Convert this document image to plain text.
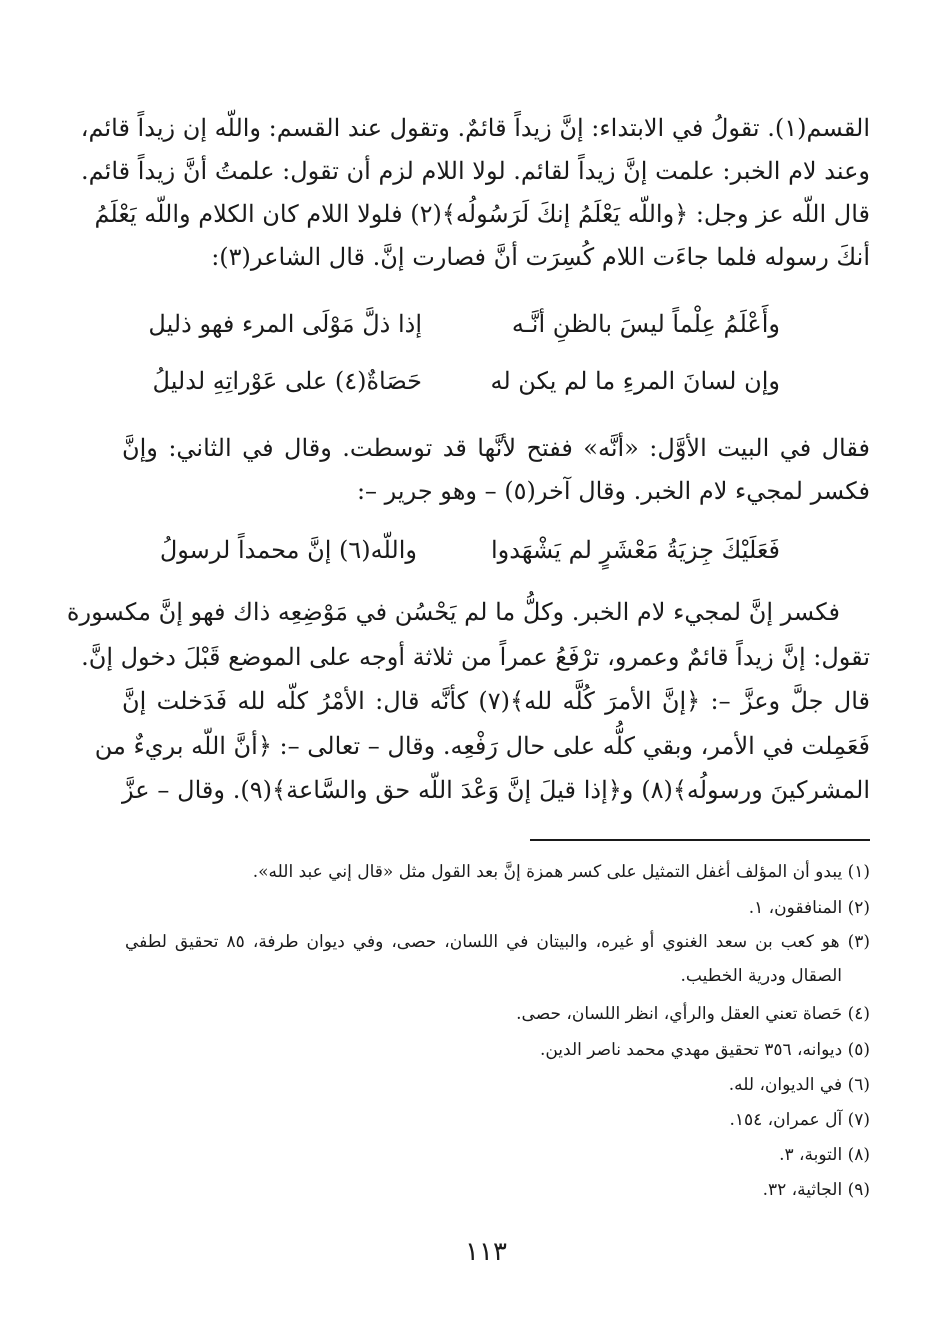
القسم(١). تقولُ في الابتداء: إنَّ زيداً قائمٌ. وتقول عند القسم: واللّه إن زيداً قائم،
وعند لام الخبر: علمت إنَّ زيداً لقائم. لولا اللام لزم أن تقول: علمتُ أنَّ زيداً قائم.
قال اللّه عز وجل: ﴿واللّه يَعْلَمُ إنكَ لَرَسُولُه﴾(٢) فلولا اللام كان الكلام واللّه يَعْلَمُ
أنكَ رسوله فلما جاءَت اللام كُسِرَت أنَّ فصارت إنَّ. قال الشاعر(٣):
وأَعْلَمُ عِلْماً ليسَ بالظنِ أنَّـه
إذا ذلَّ مَوْلَى المرء فهو ذليل
وإن لسانَ المرءِ ما لم يكن له
حَصَاةٌ(٤) على عَوْراتِهِ لدليلُ
فقال في البيت الأوَّل: «أنَّه» ففتح لأنَّها قد توسطت. وقال في الثاني: وإنَّ
فكسر لمجيء لام الخبر. وقال آخر(٥) – وهو جرير –:
فَعَلَيْكَ جِزيَةُ مَعْشَرٍ لم يَشْهَدوا
واللّه(٦) إنَّ محمداً لرسولُ
فكسر إنَّ لمجيء لام الخبر. وكلُّ ما لم يَحْسُن في مَوْضِعِه ذاك فهو إنَّ مكسورة
تقول: إنَّ زيداً قائمٌ وعمرو، ترْفَعُ عمراً من ثلاثة أوجه على الموضع قَبْلَ دخول إنَّ.
قال جلَّ وعزَّ –: ﴿إنَّ الأمرَ كُلَّه لله﴾(٧) كأنَّه قال: الأمْرُ كلّه لله فَدَخلت إنَّ
فَعَمِلت في الأمر، وبقي كلُّه على حال رَفْعِه. وقال – تعالى –: ﴿أنَّ اللّه بريءٌ من
المشركينَ ورسولُه﴾(٨) و﴿إذا قيلَ إنَّ وَعْدَ اللّه حق والسَّاعة﴾(٩). وقال – عزَّ
(١) يبدو أن المؤلف أغفل التمثيل على كسر همزة إنَّ بعد القول مثل «قال إني عبد الله».
(٢) المنافقون، ١.
(٣) هو كعب بن سعد الغنوي أو غيره، والبيتان في اللسان، حصى، وفي ديوان طرفة، ٨٥ تحقيق لطفي
الصقال ودرية الخطيب.
(٤) حَصاة تعني العقل والرأي، انظر اللسان، حصى.
(٥) ديوانه، ٣٥٦ تحقيق مهدي محمد ناصر الدين.
(٦) في الديوان، لله.
(٧) آل عمران، ١٥٤.
(٨) التوبة، ٣.
(٩) الجاثية، ٣٢.
١١٣
